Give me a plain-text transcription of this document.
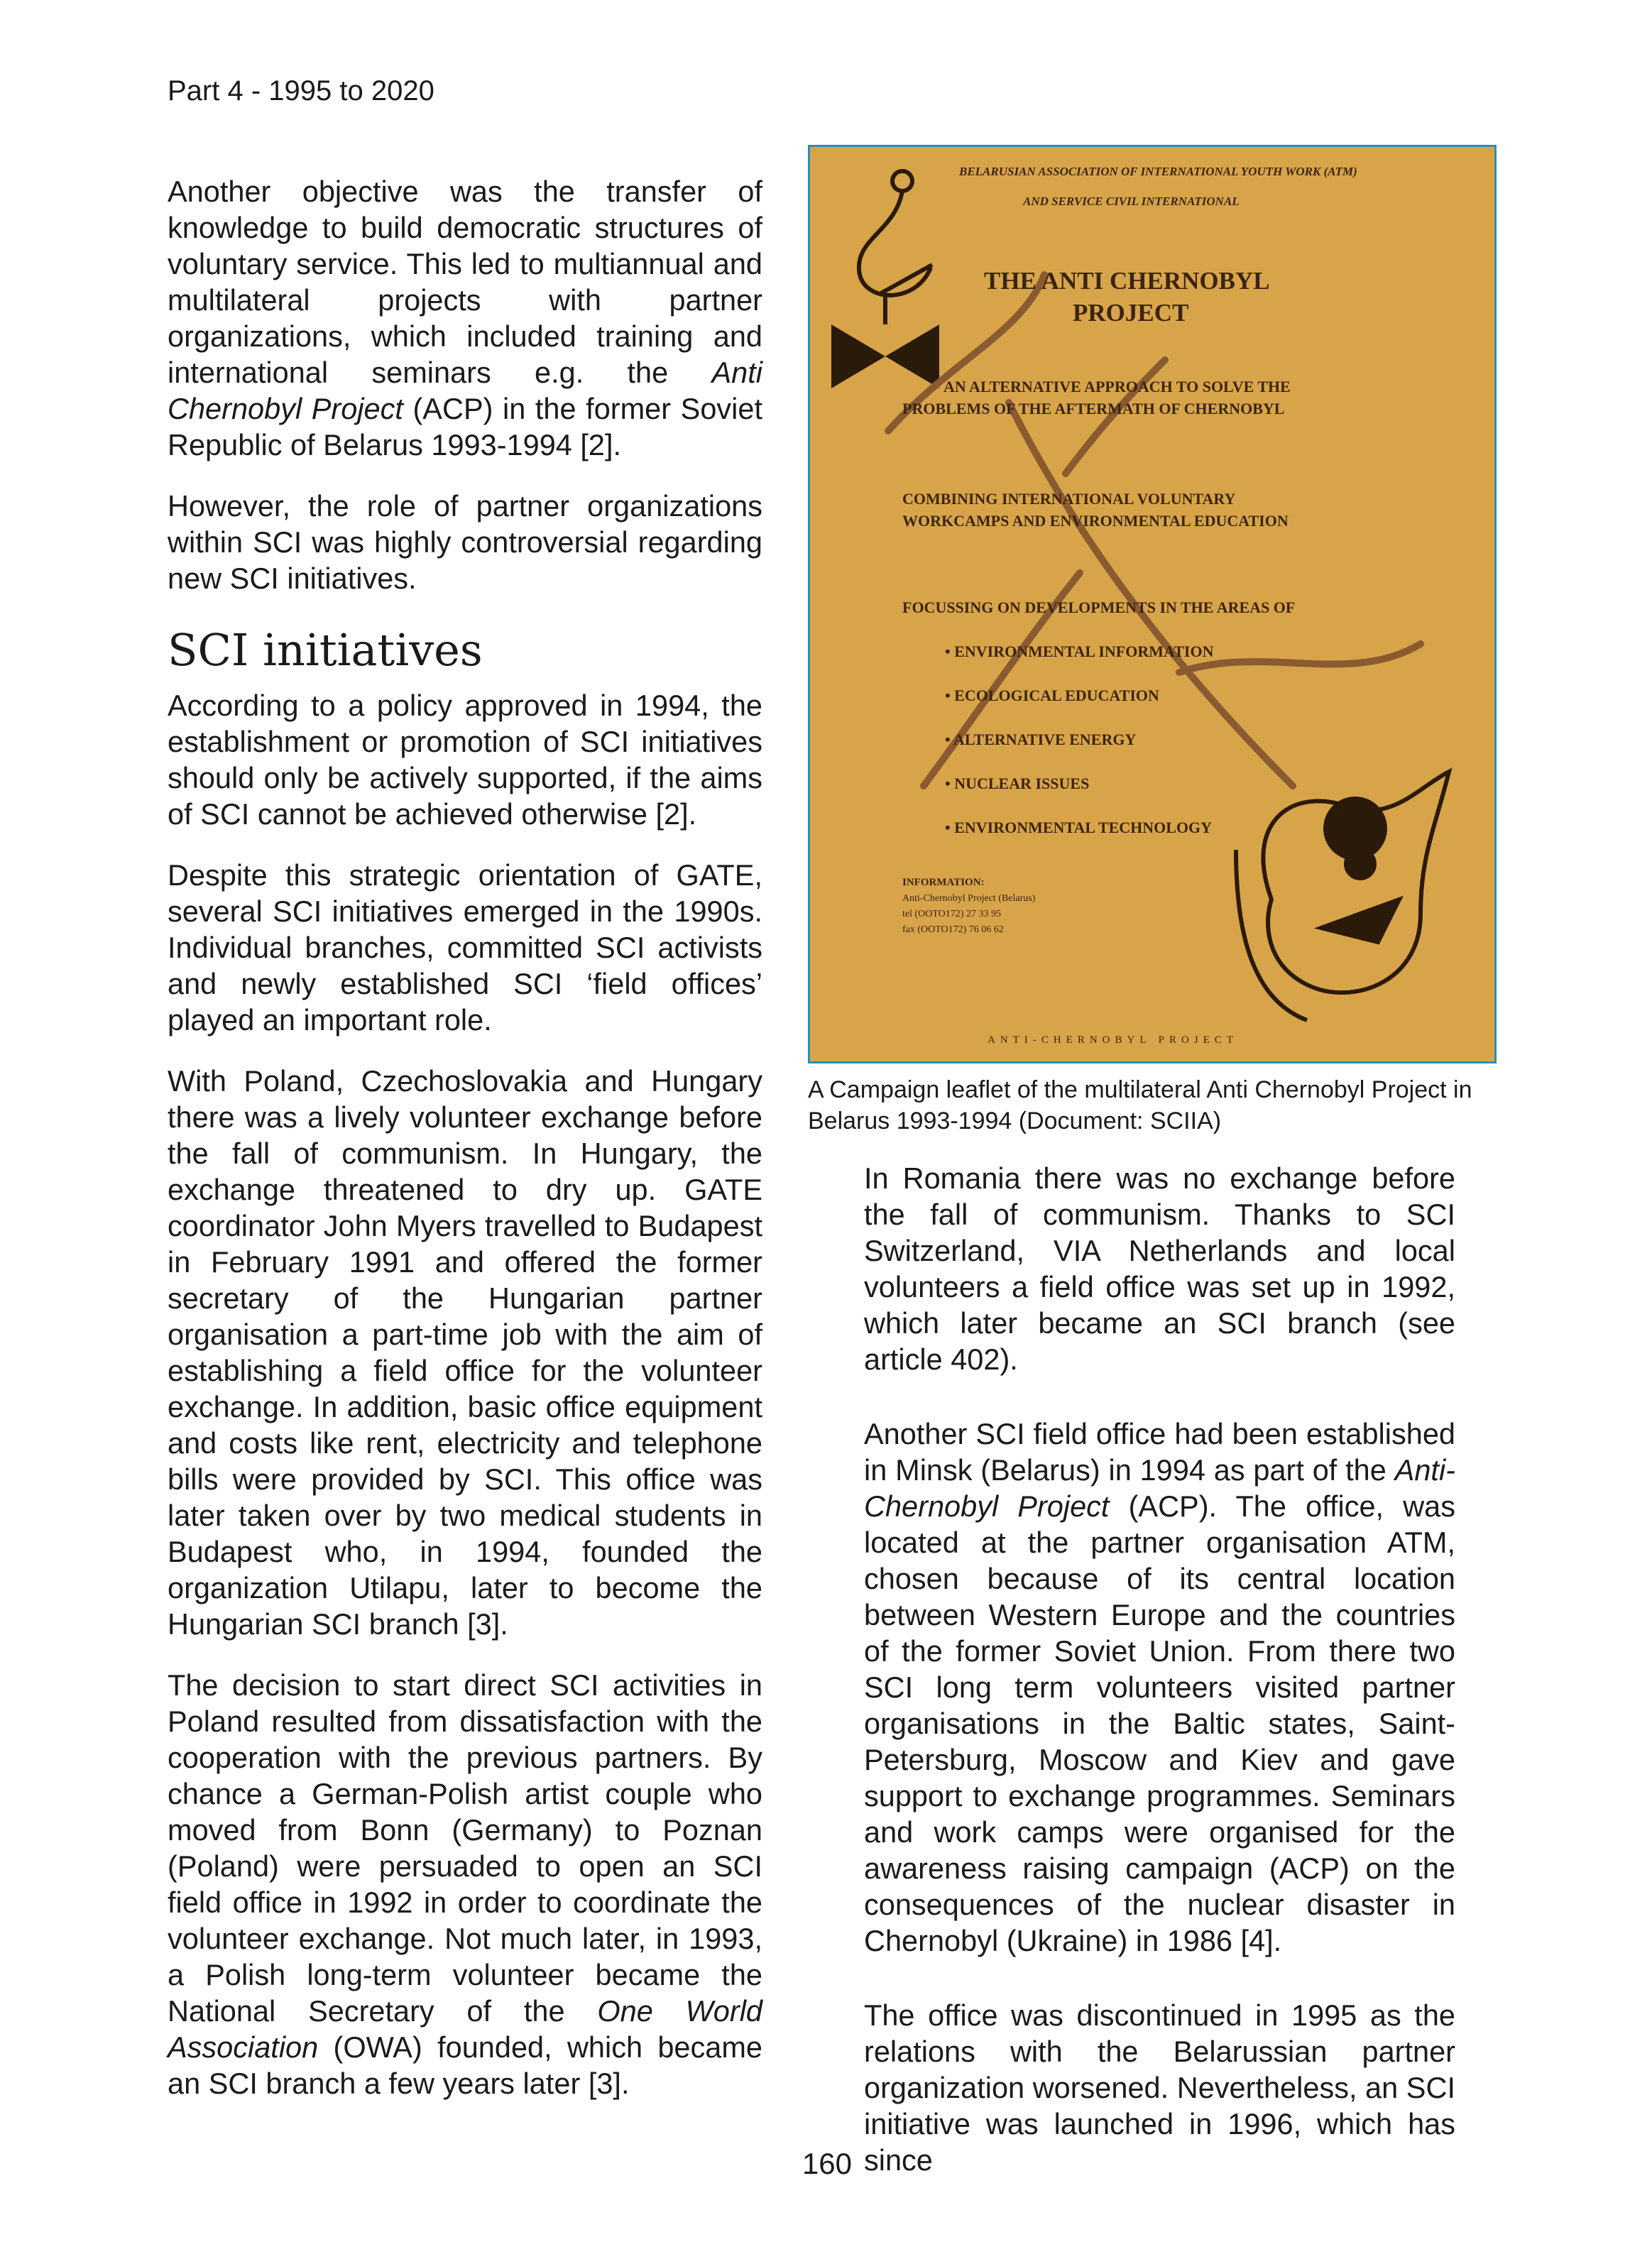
Part 4 - 1995 to 2020

Another objective was the transfer of knowledge to build democratic structures of voluntary service. This led to multiannual and multilateral projects with partner organizations, which included training and international seminars e.g. the Anti Chernobyl Project (ACP) in the former Soviet Republic of Belarus 1993-1994 [2].

However, the role of partner organizations within SCI was highly controversial regarding new SCI initiatives.

SCI initiatives

According to a policy approved in 1994, the establishment or promotion of SCI initiatives should only be actively supported, if the aims of SCI cannot be achieved otherwise [2].

Despite this strategic orientation of GATE, several SCI initiatives emerged in the 1990s. Individual branches, committed SCI activists and newly established SCI ‘field offices’ played an important role.

With Poland, Czechoslovakia and Hungary there was a lively volunteer exchange before the fall of communism. In Hungary, the exchange threatened to dry up. GATE coordinator John Myers travelled to Budapest in February 1991 and offered the former secretary of the Hungarian partner organisation a part-time job with the aim of establishing a field office for the volunteer exchange. In addition, basic office equipment and costs like rent, electricity and telephone bills were provided by SCI. This office was later taken over by two medical students in Budapest who, in 1994, founded the organization Utilapu, later to become the Hungarian SCI branch [3].

The decision to start direct SCI activities in Poland resulted from dissatisfaction with the cooperation with the previous partners. By chance a German-Polish artist couple who moved from Bonn (Germany) to Poznan (Poland) were persuaded to open an SCI field office in 1992 in order to coordinate the volunteer exchange. Not much later, in 1993, a Polish long-term volunteer became the National Secretary of the One World Association (OWA) founded, which became an SCI branch a few years later [3].

BELARUSIAN ASSOCIATION OF INTERNATIONAL YOUTH WORK (ATM)
AND SERVICE CIVIL INTERNATIONAL
THE ANTI CHERNOBYL
PROJECT
AN ALTERNATIVE APPROACH TO SOLVE THE
PROBLEMS OF THE AFTERMATH OF CHERNOBYL
COMBINING INTERNATIONAL VOLUNTARY
WORKCAMPS AND ENVIRONMENTAL EDUCATION
FOCUSSING ON DEVELOPMENTS IN THE AREAS OF
• ENVIRONMENTAL INFORMATION
• ECOLOGICAL EDUCATION
• ALTERNATIVE ENERGY
• NUCLEAR ISSUES
• ENVIRONMENTAL TECHNOLOGY
INFORMATION:
Anti-Chernobyl Project (Belarus)
tel (OOTO172) 27 33 95
fax (OOTO172) 76 06 62
ANTI-CHERNOBYL PROJECT
A Campaign leaflet of the multilateral Anti Chernobyl Project in Belarus 1993-1994 (Document: SCIIA)

In Romania there was no exchange before the fall of communism. Thanks to SCI Switzerland, VIA Netherlands and local volunteers a field office was set up in 1992, which later became an SCI branch (see article 402).

Another SCI field office had been established in Minsk (Belarus) in 1994 as part of the Anti-Chernobyl Project (ACP). The office, was located at the partner organisation ATM, chosen because of its central location between Western Europe and the countries of the former Soviet Union. From there two SCI long term volunteers visited partner organisations in the Baltic states, Saint-Petersburg, Moscow and Kiev and gave support to exchange programmes. Seminars and work camps were organised for the awareness raising campaign (ACP) on the consequences of the nuclear disaster in Chernobyl (Ukraine) in 1986 [4].

The office was discontinued in 1995 as the relations with the Belarussian partner organization worsened. Nevertheless, an SCI initiative was launched in 1996, which has since

160
